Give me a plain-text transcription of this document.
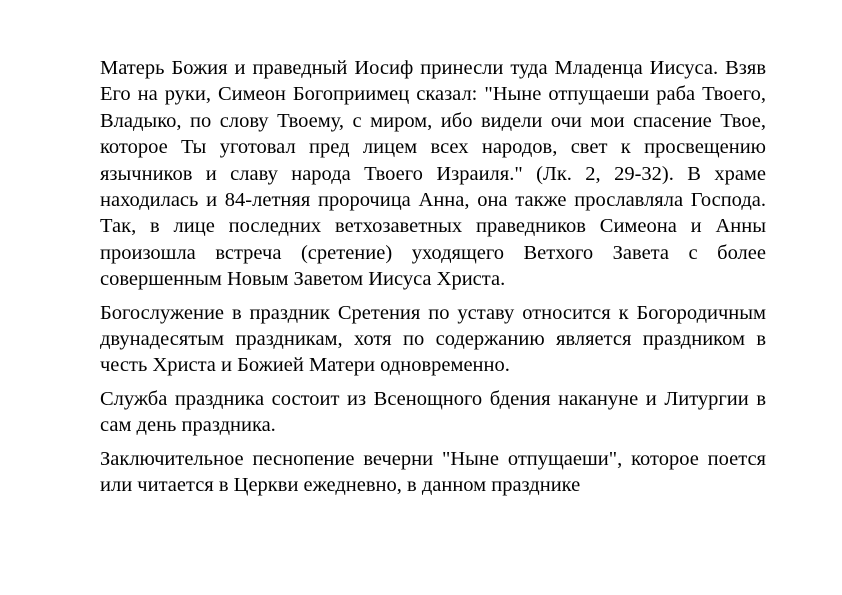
Матерь Божия и праведный Иосиф принесли туда Младенца Иисуса. Взяв Его на руки, Симеон Богоприимец сказал: "Ныне отпущаеши раба Твоего, Владыко, по слову Твоему, с миром, ибо видели очи мои спасение Твое, которое Ты уготовал пред лицем всех народов, свет к просвещению язычников и славу народа Твоего Израиля." (Лк. 2, 29-32). В храме находилась и 84-летняя пророчица Анна, она также прославляла Господа. Так, в лице последних ветхозаветных праведников Симеона и Анны произошла встреча (сретение) уходящего Ветхого Завета с более совершенным Новым Заветом Иисуса Христа.

Богослужение в праздник Сретения по уставу относится к Богородичным двунадесятым праздникам, хотя по содержанию является праздником в честь Христа и Божией Матери одновременно.

Служба праздника состоит из Всенощного бдения накануне и Литургии в сам день праздника.

Заключительное песнопение вечерни "Ныне отпущаеши", которое поется или читается в Церкви ежедневно, в данном празднике
